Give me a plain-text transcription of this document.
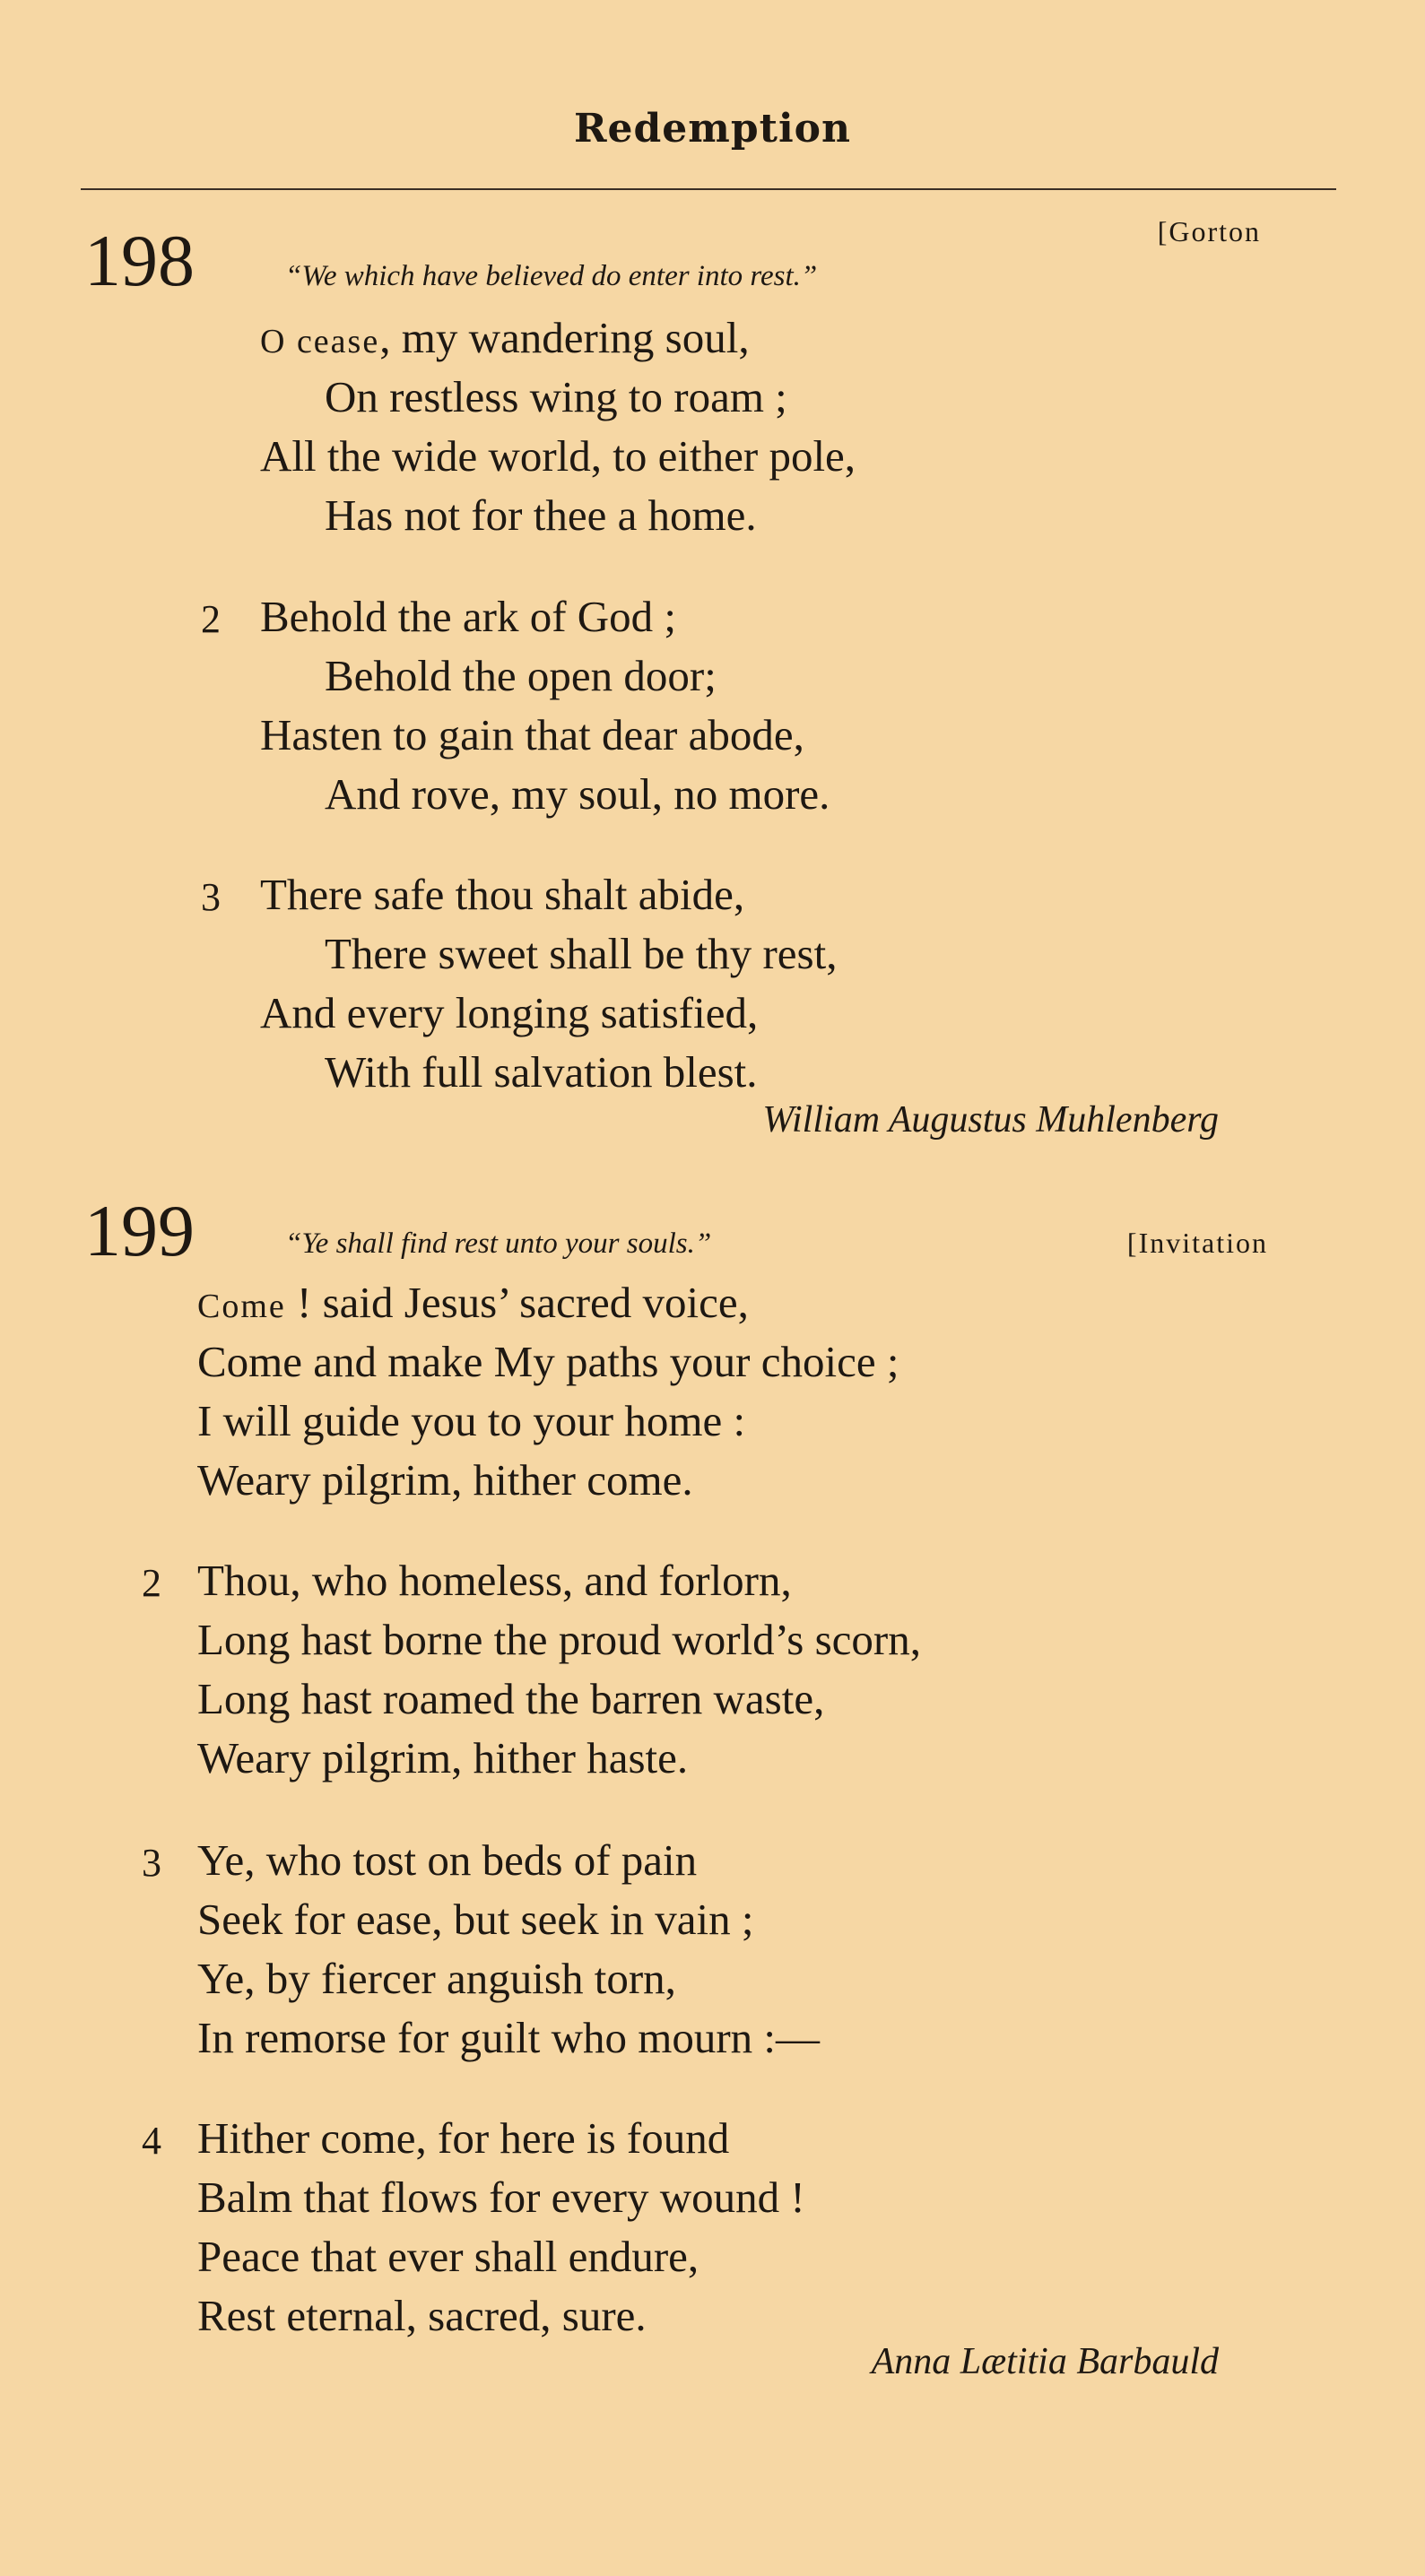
Redemption
198	[Gorton
“We which have believed do enter into rest.”
O cease, my wandering soul,
On restless wing to roam ;
All the wide world, to either pole,
Has not for thee a home.
2 Behold the ark of God ;
Behold the open door;
Hasten to gain that dear abode,
And rove, my soul, no more.
3 There safe thou shalt abide,
There sweet shall be thy rest,
And every longing satisfied,
With full salvation blest.
William Augustus Muhlenberg
199	[Invitation
“Ye shall find rest unto your souls.”
Come ! said Jesus’ sacred voice,
Come and make My paths your choice ;
I will guide you to your home :
Weary pilgrim, hither come.
2 Thou, who homeless, and forlorn,
Long hast borne the proud world’s scorn,
Long hast roamed the barren waste,
Weary pilgrim, hither haste.
3 Ye, who tost on beds of pain
Seek for ease, but seek in vain ;
Ye, by fiercer anguish torn,
In remorse for guilt who mourn :—
4 Hither come, for here is found
Balm that flows for every wound !
Peace that ever shall endure,
Rest eternal, sacred, sure.
Anna Lætitia Barbauld
